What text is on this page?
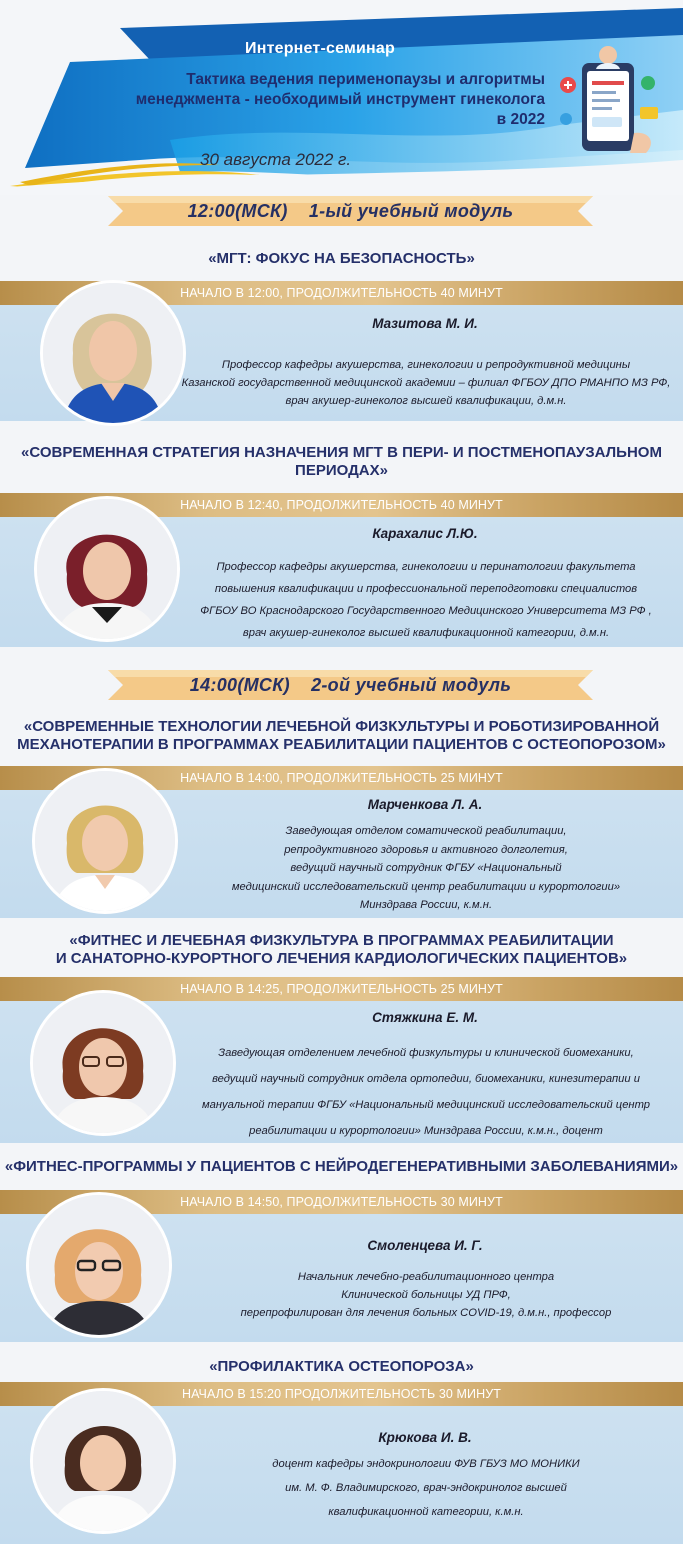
Интернет-семинар
Тактика ведения перименопаузы и алгоритмы
менеджмента - необходимый инструмент гинеколога
в 2022
30 августа 2022 г.
12:00(МСК)    1-ый учебный модуль
«МГТ: ФОКУС НА БЕЗОПАСНОСТЬ»
НАЧАЛО В 12:00, ПРОДОЛЖИТЕЛЬНОСТЬ 40 МИНУТ
Мазитова М. И.
Профессор кафедры акушерства, гинекологии и репродуктивной медицины
Казанской государственной медицинской академии – филиал ФГБОУ ДПО РМАНПО МЗ РФ,
врач акушер-гинеколог высшей квалификации, д.м.н.
«СОВРЕМЕННАЯ СТРАТЕГИЯ НАЗНАЧЕНИЯ МГТ В ПЕРИ- И ПОСТМЕНОПАУЗАЛЬНОМ
ПЕРИОДАХ»
НАЧАЛО В 12:40, ПРОДОЛЖИТЕЛЬНОСТЬ 40 МИНУТ
Карахалис Л.Ю.
Профессор кафедры акушерства, гинекологии и перинатологии факультета
повышения квалификации и профессиональной переподготовки специалистов
ФГБОУ ВО Краснодарского Государственного Медицинского Университета МЗ РФ ,
врач акушер-гинеколог высшей квалификационной категории, д.м.н.
14:00(МСК)    2-ой учебный модуль
«СОВРЕМЕННЫЕ ТЕХНОЛОГИИ ЛЕЧЕБНОЙ ФИЗКУЛЬТУРЫ И РОБОТИЗИРОВАННОЙ
МЕХАНОТЕРАПИИ В ПРОГРАММАХ РЕАБИЛИТАЦИИ ПАЦИЕНТОВ С ОСТЕОПОРОЗОМ»
НАЧАЛО В 14:00, ПРОДОЛЖИТЕЛЬНОСТЬ 25 МИНУТ
Марченкова Л. А.
Заведующая отделом соматической реабилитации,
репродуктивного здоровья и активного долголетия,
ведущий научный сотрудник ФГБУ «Национальный
медицинский исследовательский центр реабилитации и курортологии»
Минздрава России, к.м.н.
«ФИТНЕС И ЛЕЧЕБНАЯ ФИЗКУЛЬТУРА В ПРОГРАММАХ РЕАБИЛИТАЦИИ
И САНАТОРНО-КУРОРТНОГО ЛЕЧЕНИЯ КАРДИОЛОГИЧЕСКИХ ПАЦИЕНТОВ»
НАЧАЛО В 14:25, ПРОДОЛЖИТЕЛЬНОСТЬ 25 МИНУТ
Стяжкина Е. М.
Заведующая отделением лечебной физкультуры и клинической биомеханики,
ведущий научный сотрудник отдела ортопедии, биомеханики, кинезитерапии и
мануальной терапии ФГБУ «Национальный медицинский исследовательский центр
реабилитации и курортологии» Минздрава России, к.м.н., доцент
«ФИТНЕС-ПРОГРАММЫ У ПАЦИЕНТОВ С НЕЙРОДЕГЕНЕРАТИВНЫМИ ЗАБОЛЕВАНИЯМИ»
НАЧАЛО В 14:50, ПРОДОЛЖИТЕЛЬНОСТЬ 30 МИНУТ
Смоленцева И. Г.
Начальник лечебно-реабилитационного центра
Клинической больницы УД ПРФ,
перепрофилирован для лечения больных COVID-19, д.м.н., профессор
«ПРОФИЛАКТИКА ОСТЕОПОРОЗА»
НАЧАЛО В 15:20 ПРОДОЛЖИТЕЛЬНОСТЬ 30 МИНУТ
Крюкова И. В.
доцент кафедры эндокринологии ФУВ ГБУЗ МО МОНИКИ
им. М. Ф. Владимирского, врач-эндокринолог высшей
квалификационной категории, к.м.н.
